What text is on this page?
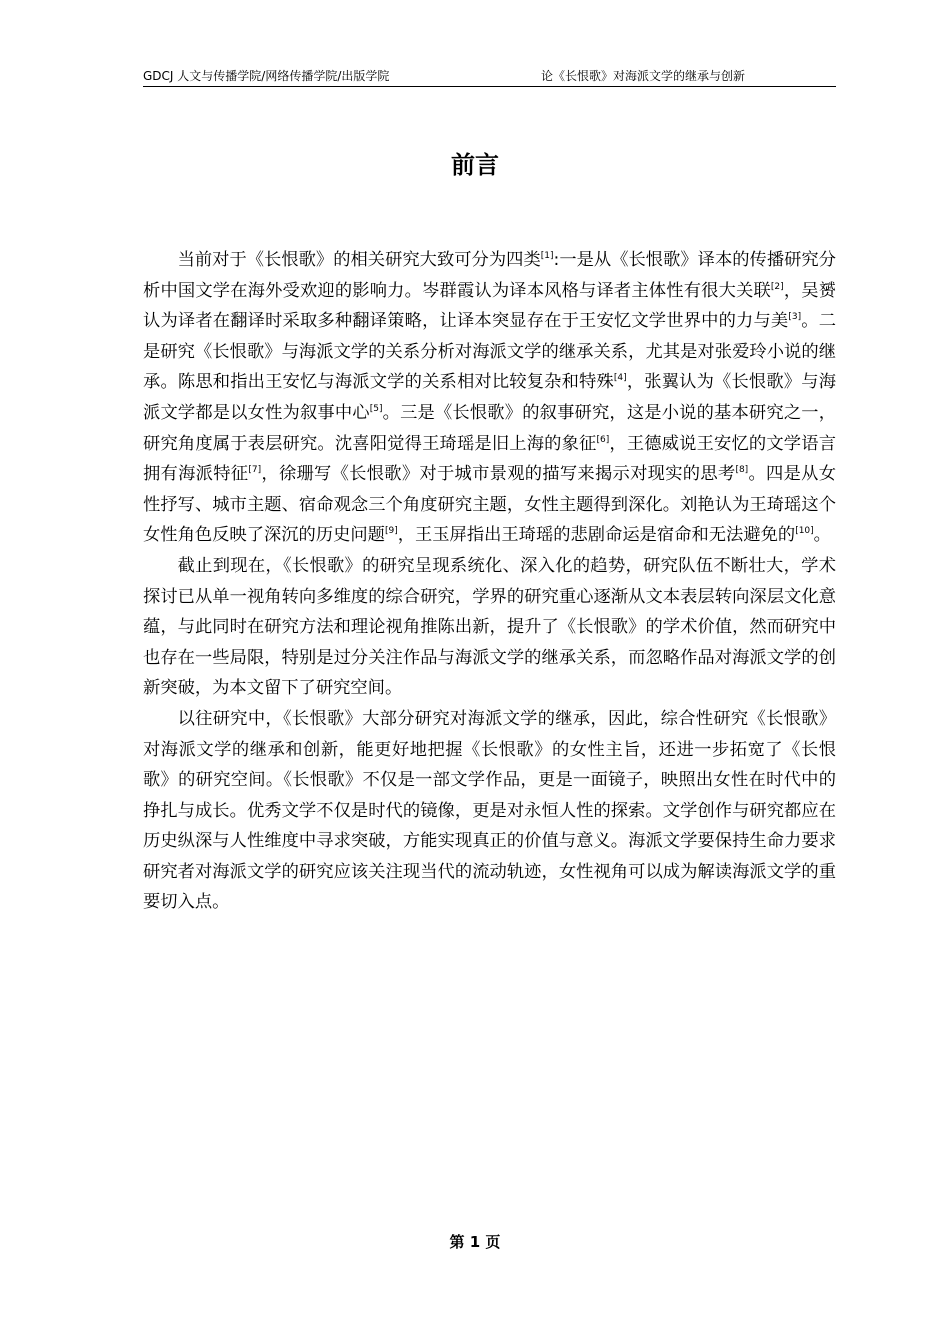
GDCJ 人文与传播学院/网络传播学院/出版学院	论《长恨歌》对海派文学的继承与创新
前言

当前对于《长恨歌》的相关研究大致可分为四类[1]:一是从《长恨歌》译本的传播研究分析中国文学在海外受欢迎的影响力。岑群霞认为译本风格与译者主体性有很大关联[2]，吴赟认为译者在翻译时采取多种翻译策略，让译本突显存在于王安忆文学世界中的力与美[3]。二是研究《长恨歌》与海派文学的关系分析对海派文学的继承关系，尤其是对张爱玲小说的继承。陈思和指出王安忆与海派文学的关系相对比较复杂和特殊[4]，张翼认为《长恨歌》与海派文学都是以女性为叙事中心[5]。三是《长恨歌》的叙事研究，这是小说的基本研究之一，研究角度属于表层研究。沈喜阳觉得王琦瑶是旧上海的象征[6]，王德威说王安忆的文学语言拥有海派特征[7]，徐珊写《长恨歌》对于城市景观的描写来揭示对现实的思考[8]。四是从女性抒写、城市主题、宿命观念三个角度研究主题，女性主题得到深化。刘艳认为王琦瑶这个女性角色反映了深沉的历史问题[9]，王玉屏指出王琦瑶的悲剧命运是宿命和无法避免的[10]。

截止到现在，《长恨歌》的研究呈现系统化、深入化的趋势，研究队伍不断壮大，学术探讨已从单一视角转向多维度的综合研究，学界的研究重心逐渐从文本表层转向深层文化意蕴，与此同时在研究方法和理论视角推陈出新，提升了《长恨歌》的学术价值，然而研究中也存在一些局限，特别是过分关注作品与海派文学的继承关系，而忽略作品对海派文学的创新突破，为本文留下了研究空间。

以往研究中，《长恨歌》大部分研究对海派文学的继承，因此，综合性研究《长恨歌》对海派文学的继承和创新，能更好地把握《长恨歌》的女性主旨，还进一步拓宽了《长恨歌》的研究空间。《长恨歌》不仅是一部文学作品，更是一面镜子，映照出女性在时代中的挣扎与成长。优秀文学不仅是时代的镜像，更是对永恒人性的探索。文学创作与研究都应在历史纵深与人性维度中寻求突破，方能实现真正的价值与意义。海派文学要保持生命力要求研究者对海派文学的研究应该关注现当代的流动轨迹，女性视角可以成为解读海派文学的重要切入点。

第 1 页
